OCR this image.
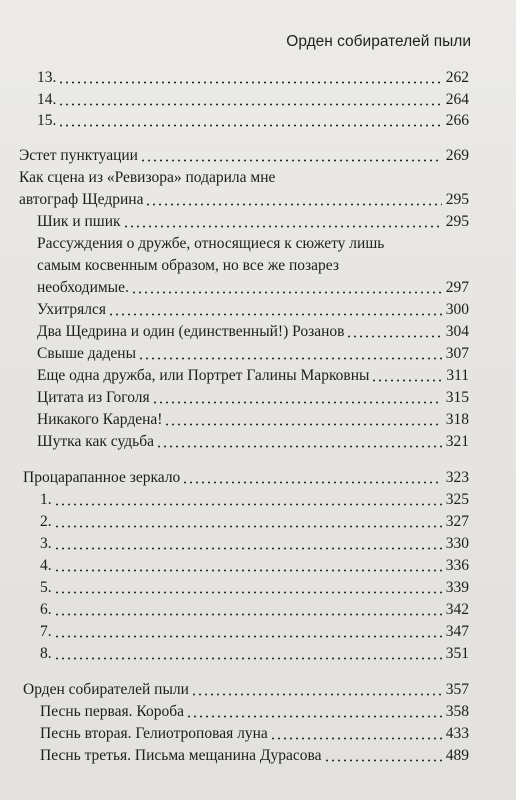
Орден собирателей пыли
13.	262
14.	264
15.	266
Эстет пунктуации	269
Как сцена из «Ревизора» подарила мне
автограф Щедрина	295
Шик и пшик	295
Рассуждения о дружбе, относящиеся к сюжету лишь
самым косвенным образом, но все же позарез
необходимые.	297
Ухитрялся	300
Два Щедрина и один (единственный!) Розанов	304
Свыше дадены	307
Еще одна дружба, или Портрет Галины Марковны	311
Цитата из Гоголя	315
Никакого Кардена!	318
Шутка как судьба	321
Процарапанное зеркало	323
1.	325
2.	327
3.	330
4.	336
5.	339
6.	342
7.	347
8.	351
Орден собирателей пыли	357
Песнь первая. Короба	358
Песнь вторая. Гелиотроповая луна	433
Песнь третья. Письма мещанина Дурасова	489
